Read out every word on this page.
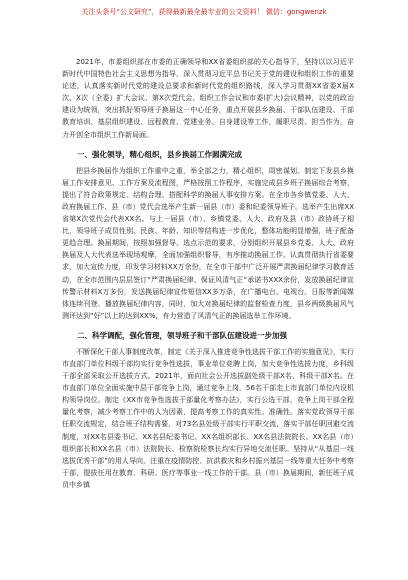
关注头条号“公文研究”，获得最新最全最专业的公文资料！ 微信：gongwenzk

2021年，市委组织部在市委的正确领导和XX省委组织部的关心指导下，坚持以以习近平新时代中国特色社会主义思想为指导，深入贯彻习近平总书记关于党的建设和组织工作的重要论述，认真落实新时代党的建设总要求和新时代党的组织路线，深入学习贯彻XX省委X届X次、X次（全委）扩大会议、第X次党代会、组织工作会议和市委(扩大)会议精神，以党的政治建设为统领，突出抓好领导班子换届这一中心任务，重点开展县乡换届、干部队伍建设、干部教育培训、基层组织建设、远程教育、党建业务、自身建设等工作，履职尽责、担当作为，奋力开创全市组织工作新局面。

一、强化领导，精心组织，县乡换届工作圆满完成

把县乡换届作为组织工作重中之重，举全部之力，精心组织，周密谋划。制定下发县乡换届工作安排意见、工作方案及流程图，严格按照工作程序，实施完成县乡班子换届综合考察，提出了符合政策规定、结构合理、搭配科学的换届人事安排方案。在全市各乡镇党委、人大、政府换届工作、县（市）党代会选举产生新一届县（市）委和纪委领导班子。选举产生出席XX省第X次党代会代表XX名。与上一届县（市）、乡镇党委、人大、政府及县（市）政协班子相比，领导班子成员性别、民族、年龄、知识等结构进一步优化，整体功能明显增强，班子配备更趋合理。换届期间，按照加强督导、选点示范的要求，分别组织开展县乡党委、人大、政府换届及人大代表选举现场观摩，全面加强组织督导，有序推动换届工作。认真贯彻执行省委要求，加大宣传力度，印发学习材料XX万余份，在全市干部中广泛开展严肃换届纪律学习教育活动，在全市范围内层层签订“严肃换届纪律、保证风清气正”承诺书XXX余份，发放换届纪律宣传警示材料X万多份，发送换届纪律宣传短信XX多万条，在广播电台、电视台、日报等新闻媒体连续刊登、播放换届纪律内容，同时，加大对换届纪律的监督检查力度，县乡两级换届风气测评达到“好”以上的达到XX%，有力营造了风清气正的换届选举工作环境。

二、科学调配，强化管理，领导班子和干部队伍建设进一步加强

不断深化干部人事制度改革，制定《关于深入推进竞争性选拔干部工作的实施意见》，实行市直部门单位科级干部均实行竞争性选拔，事业单位竞聘上岗，加大竞争性选拔力度，乡科级干部全部采取公开选拔方式。2021年，面向社会公开选拔副处级干部X名、科级干部X名。在市直部门单位全面实施中层干部竞争上岗，通过竞争上岗，56名干部走上市直部门单位内设机构领导岗位。制定《XX市竞争性选拔干部量化考察办法》，实行公选干部，竞争上岗干部全程量化考察，减少考察工作中的人为因素，提高考察工作的真实性。准确性。落实党政领导干部任职交流规定，结合班子结构需要，对73名县处级干部实行平职交流，落实干部任职回避交流制度，对XX名县委书记、XX名县纪委书记、XX名组织部长、XX名县法院院长、XX名县（市）组织部长和XX名县（市）法院院长、检察院检察长均实行异地交流任职。坚持从“从基层一线选拔优秀干部”的用人导向，注重在疫情防控、抗洪救灾和乡村振兴基层一线等重大任务中考察干部，提拔任用在教育、科研、医疗等事业一线工作的干部。县（市）换届期间，新任班子成员中乡镇
